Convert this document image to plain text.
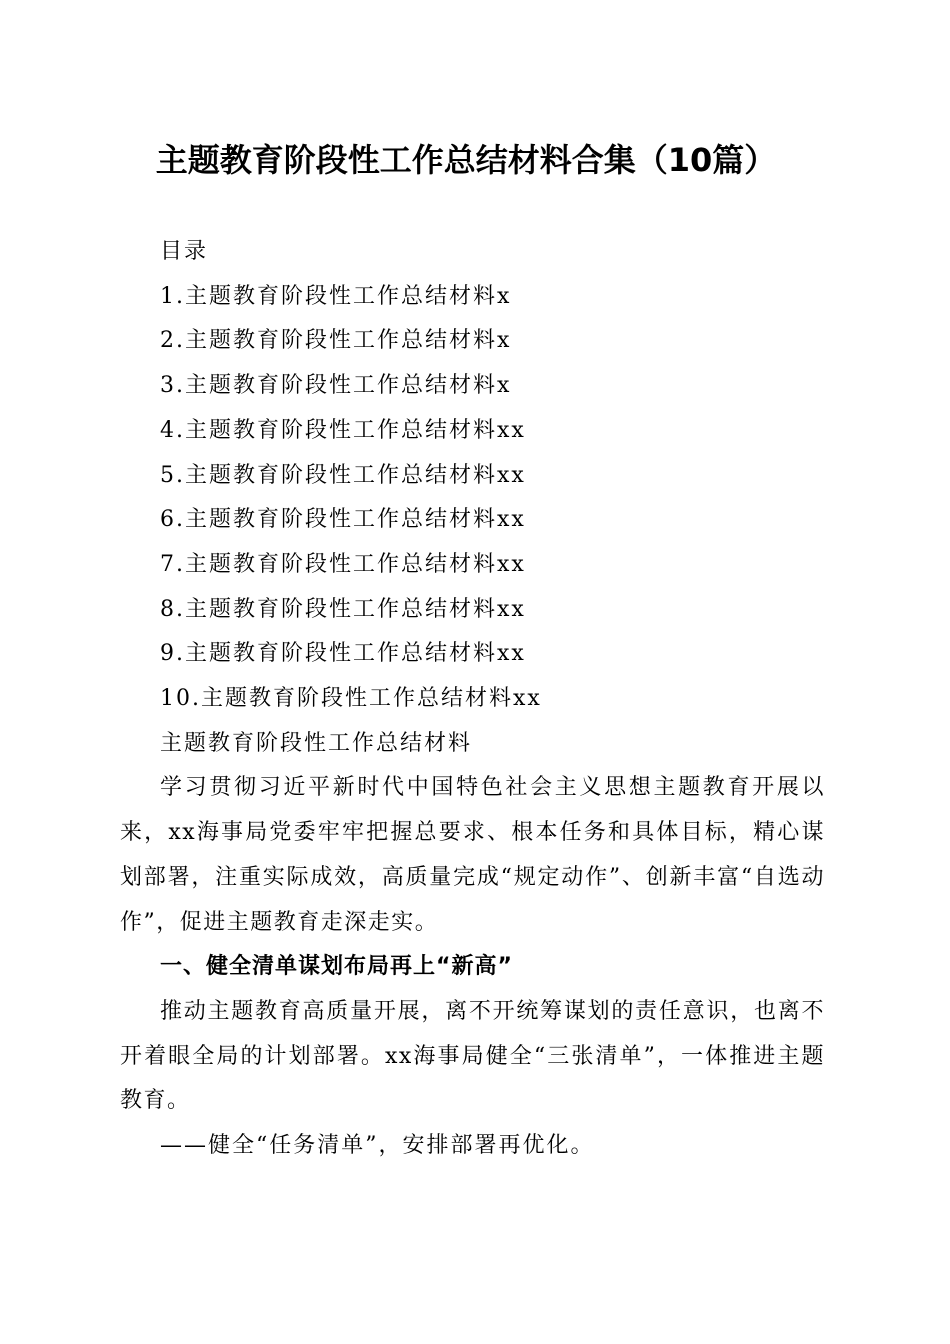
主题教育阶段性工作总结材料合集（10篇）

目录

1.主题教育阶段性工作总结材料x

2.主题教育阶段性工作总结材料x

3.主题教育阶段性工作总结材料x

4.主题教育阶段性工作总结材料xx

5.主题教育阶段性工作总结材料xx

6.主题教育阶段性工作总结材料xx

7.主题教育阶段性工作总结材料xx

8.主题教育阶段性工作总结材料xx

9.主题教育阶段性工作总结材料xx

10.主题教育阶段性工作总结材料xx

主题教育阶段性工作总结材料

学习贯彻习近平新时代中国特色社会主义思想主题教育开展以来，xx海事局党委牢牢把握总要求、根本任务和具体目标，精心谋划部署，注重实际成效，高质量完成“规定动作”、创新丰富“自选动作”，促进主题教育走深走实。

一、健全清单谋划布局再上“新高”

推动主题教育高质量开展，离不开统筹谋划的责任意识，也离不开着眼全局的计划部署。xx海事局健全“三张清单”，一体推进主题教育。

——健全“任务清单”，安排部署再优化。
